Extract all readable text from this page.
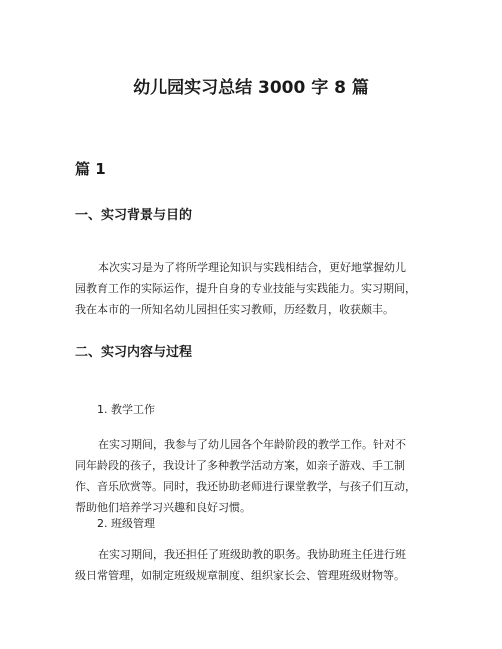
幼儿园实习总结 3000 字 8 篇
篇 1
一、实习背景与目的

本次实习是为了将所学理论知识与实践相结合，更好地掌握幼儿
园教育工作的实际运作，提升自身的专业技能与实践能力。实习期间，
我在本市的一所知名幼儿园担任实习教师，历经数月，收获颇丰。

二、实习内容与过程
1. 教学工作

在实习期间，我参与了幼儿园各个年龄阶段的教学工作。针对不
同年龄段的孩子，我设计了多种教学活动方案，如亲子游戏、手工制
作、音乐欣赏等。同时，我还协助老师进行课堂教学，与孩子们互动，
帮助他们培养学习兴趣和良好习惯。

2. 班级管理

在实习期间，我还担任了班级助教的职务。我协助班主任进行班
级日常管理，如制定班级规章制度、组织家长会、管理班级财物等。
